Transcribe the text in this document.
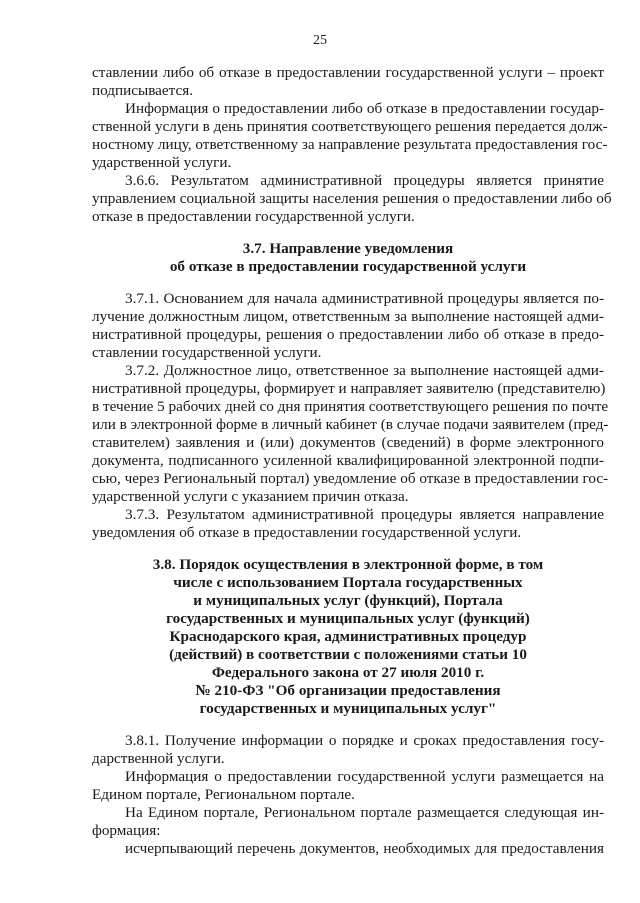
25
ставлении либо об отказе в предоставлении государственной услуги – проект
подписывается.
Информация о предоставлении либо об отказе в предоставлении государ-
ственной услуги в день принятия соответствующего решения передается долж-
ностному лицу, ответственному за направление результата предоставления гос-
ударственной услуги.
3.6.6. Результатом административной процедуры является принятие
управлением социальной защиты населения решения о предоставлении либо об
отказе в предоставлении государственной услуги.
3.7. Направление уведомления
об отказе в предоставлении государственной услуги
3.7.1. Основанием для начала административной процедуры является по-
лучение должностным лицом, ответственным за выполнение настоящей адми-
нистративной процедуры, решения о предоставлении либо об отказе в предо-
ставлении государственной услуги.
3.7.2. Должностное лицо, ответственное за выполнение настоящей адми-
нистративной процедуры, формирует и направляет заявителю (представителю)
в течение 5 рабочих дней со дня принятия соответствующего решения по почте
или в электронной форме в личный кабинет (в случае подачи заявителем (пред-
ставителем) заявления и (или) документов (сведений) в форме электронного
документа, подписанного усиленной квалифицированной электронной подпи-
сью, через Региональный портал) уведомление об отказе в предоставлении гос-
ударственной услуги с указанием причин отказа.
3.7.3. Результатом административной процедуры является направление
уведомления об отказе в предоставлении государственной услуги.
3.8. Порядок осуществления в электронной форме, в том
числе с использованием Портала государственных
и муниципальных услуг (функций), Портала
государственных и муниципальных услуг (функций)
Краснодарского края, административных процедур
(действий) в соответствии с положениями статьи 10
Федерального закона от 27 июля 2010 г.
№ 210-ФЗ "Об организации предоставления
государственных и муниципальных услуг"
3.8.1. Получение информации о порядке и сроках предоставления госу-
дарственной услуги.
Информация о предоставлении государственной услуги размещается на
Едином портале, Региональном портале.
На Едином портале, Региональном портале размещается следующая ин-
формация:
исчерпывающий перечень документов, необходимых для предоставления
